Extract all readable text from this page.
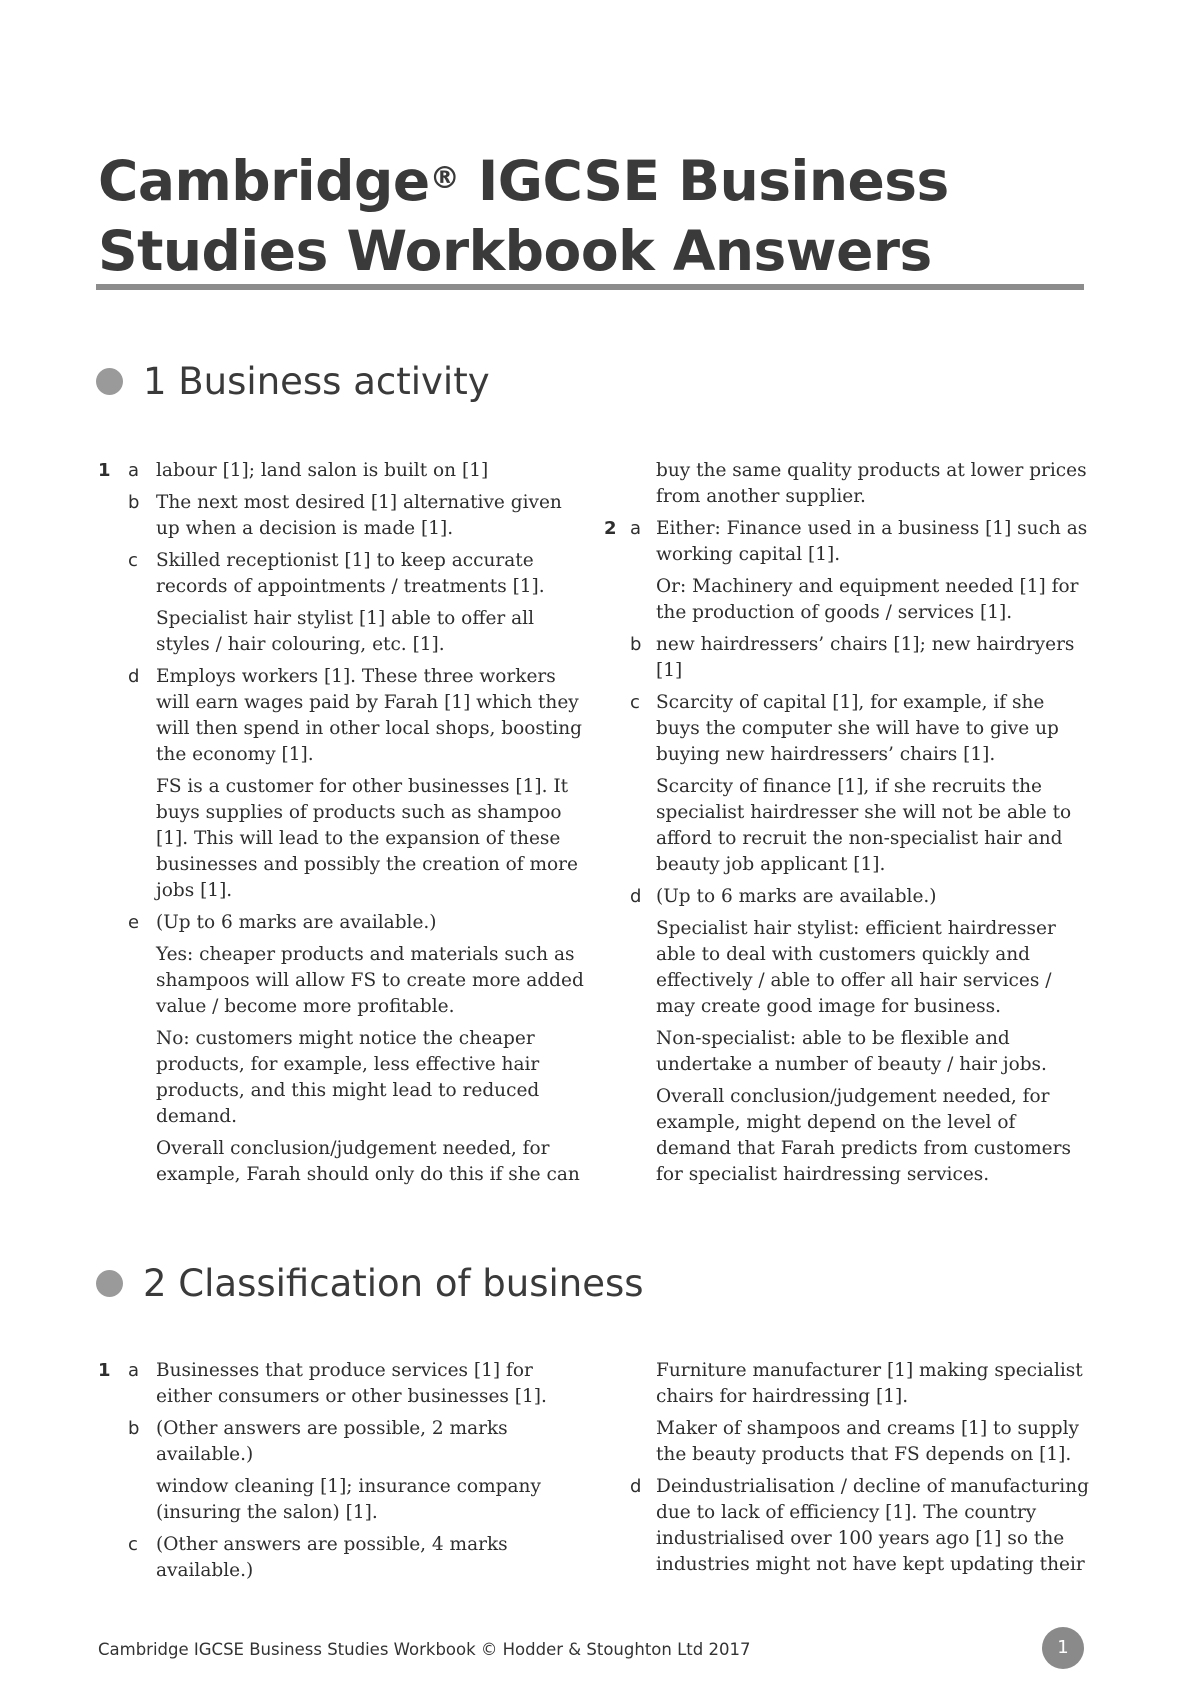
Cambridge® IGCSE Business
Studies Workbook Answers
1 Business activity
1 a labour [1]; land salon is built on [1]

b The next most desired [1] alternative given up when a decision is made [1].

c Skilled receptionist [1] to keep accurate records of appointments / treatments [1].

Specialist hair stylist [1] able to offer all styles / hair colouring, etc. [1].

d Employs workers [1]. These three workers will earn wages paid by Farah [1] which they will then spend in other local shops, boosting the economy [1].

FS is a customer for other businesses [1]. It buys supplies of products such as shampoo [1]. This will lead to the expansion of these businesses and possibly the creation of more jobs [1].

e (Up to 6 marks are available.)

Yes: cheaper products and materials such as shampoos will allow FS to create more added value / become more profitable.

No: customers might notice the cheaper products, for example, less effective hair products, and this might lead to reduced demand.

Overall conclusion/judgement needed, for example, Farah should only do this if she can

buy the same quality products at lower prices from another supplier.

2 a Either: Finance used in a business [1] such as working capital [1].

Or: Machinery and equipment needed [1] for the production of goods / services [1].

b new hairdressers’ chairs [1]; new hairdryers [1]

c Scarcity of capital [1], for example, if she buys the computer she will have to give up buying new hairdressers’ chairs [1].

Scarcity of finance [1], if she recruits the specialist hairdresser she will not be able to afford to recruit the non-specialist hair and beauty job applicant [1].

d (Up to 6 marks are available.)

Specialist hair stylist: efficient hairdresser able to deal with customers quickly and effectively / able to offer all hair services / may create good image for business.

Non-specialist: able to be flexible and undertake a number of beauty / hair jobs.

Overall conclusion/judgement needed, for example, might depend on the level of demand that Farah predicts from customers for specialist hairdressing services.

2 Classification of business
1 a Businesses that produce services [1] for either consumers or other businesses [1].

b (Other answers are possible, 2 marks available.)

window cleaning [1]; insurance company (insuring the salon) [1].

c (Other answers are possible, 4 marks available.)

Furniture manufacturer [1] making specialist chairs for hairdressing [1].

Maker of shampoos and creams [1] to supply the beauty products that FS depends on [1].

d Deindustrialisation / decline of manufacturing due to lack of efficiency [1]. The country industrialised over 100 years ago [1] so the industries might not have kept updating their

Cambridge IGCSE Business Studies Workbook © Hodder & Stoughton Ltd 2017	1
